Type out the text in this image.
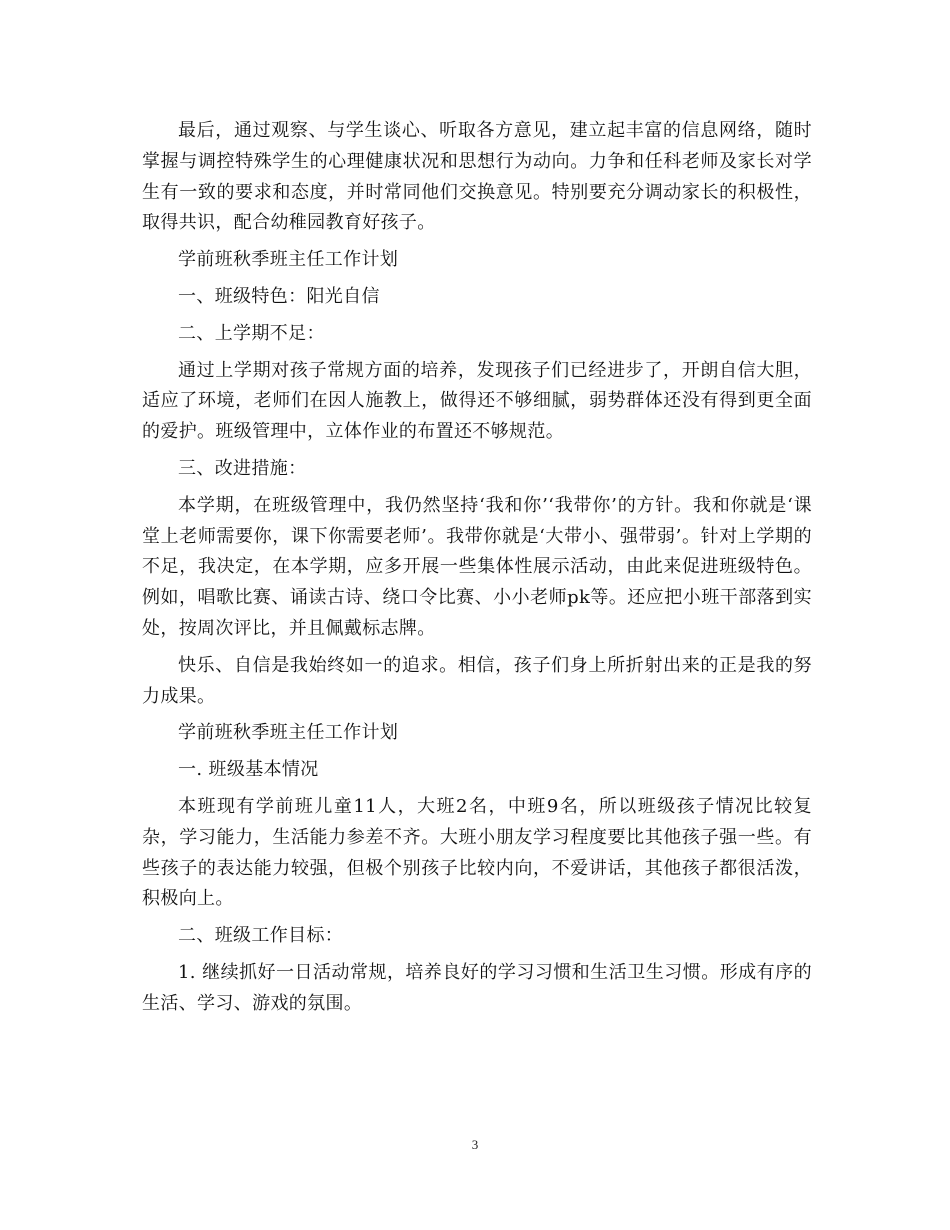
最后，通过观察、与学生谈心、听取各方意见，建立起丰富的信息网络，随时掌握与调控特殊学生的心理健康状况和思想行为动向。力争和任科老师及家长对学生有一致的要求和态度，并时常同他们交换意见。特别要充分调动家长的积极性，取得共识，配合幼稚园教育好孩子。

学前班秋季班主任工作计划

一、班级特色：阳光自信

二、上学期不足：

通过上学期对孩子常规方面的培养，发现孩子们已经进步了，开朗自信大胆，适应了环境，老师们在因人施教上，做得还不够细腻，弱势群体还没有得到更全面的爱护。班级管理中，立体作业的布置还不够规范。

三、改进措施：

本学期，在班级管理中，我仍然坚持‘我和你’‘我带你’的方针。我和你就是‘课堂上老师需要你，课下你需要老师’。我带你就是‘大带小、强带弱’。针对上学期的不足，我决定，在本学期，应多开展一些集体性展示活动，由此来促进班级特色。例如，唱歌比赛、诵读古诗、绕口令比赛、小小老师pk等。还应把小班干部落到实处，按周次评比，并且佩戴标志牌。

快乐、自信是我始终如一的追求。相信，孩子们身上所折射出来的正是我的努力成果。

学前班秋季班主任工作计划

一. 班级基本情况

本班现有学前班儿童11人，大班2名，中班9名，所以班级孩子情况比较复杂，学习能力，生活能力参差不齐。大班小朋友学习程度要比其他孩子强一些。有些孩子的表达能力较强，但极个别孩子比较内向，不爱讲话，其他孩子都很活泼，积极向上。

二、班级工作目标：

1. 继续抓好一日活动常规，培养良好的学习习惯和生活卫生习惯。形成有序的生活、学习、游戏的氛围。

3
